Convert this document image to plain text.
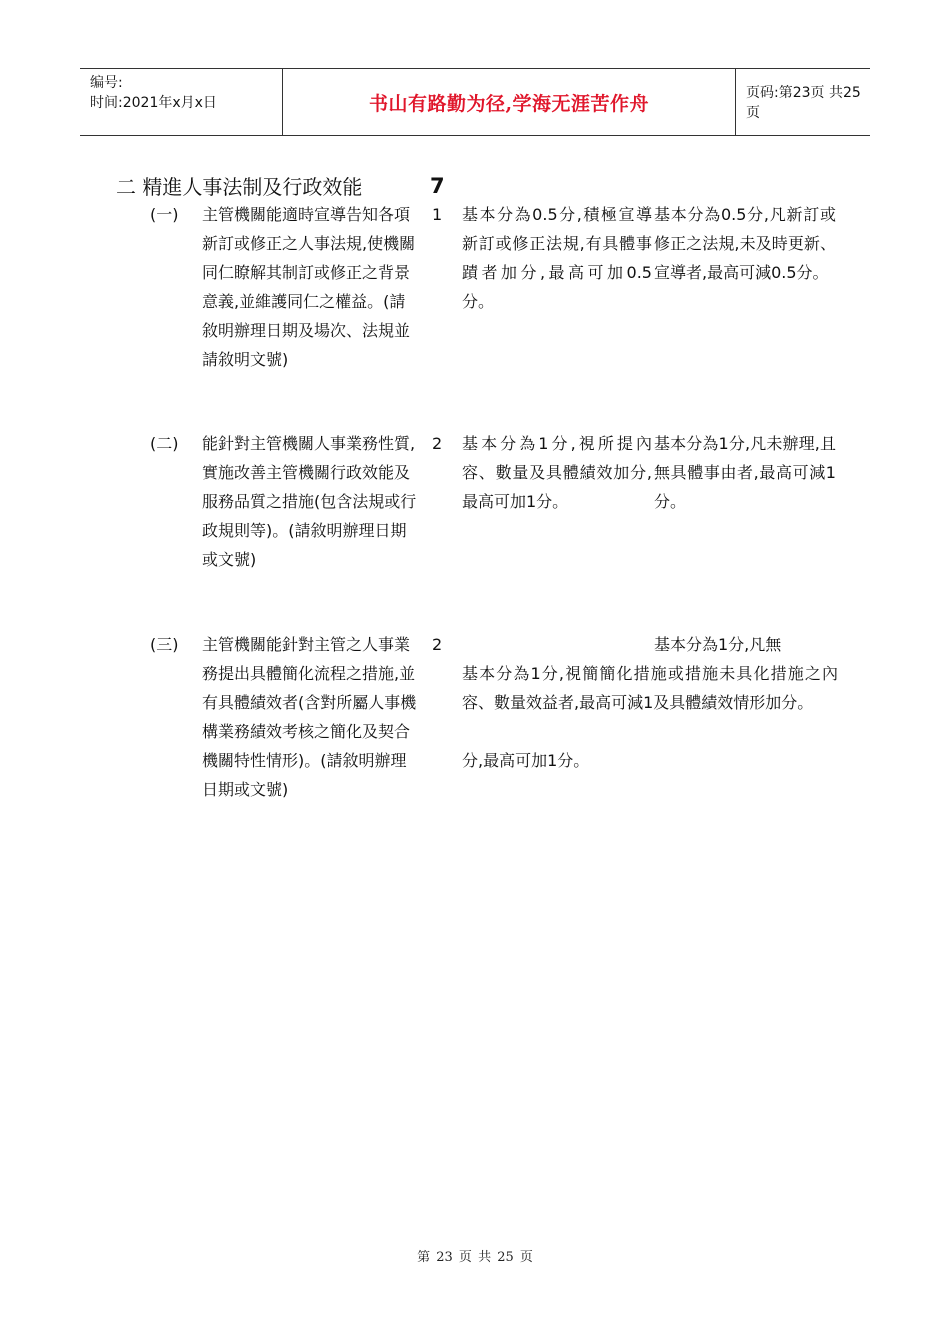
编号:
时间:2021年x月x日	书山有路勤为径,学海无涯苦作舟	页码:第23页 共25页
二 精進人事法制及行政效能	7
(一) 主管機關能適時宣導告知各項新訂或修正之人事法規,使機關同仁瞭解其制訂或修正之背景意義,並維護同仁之權益。(請敘明辦理日期及場次、法規並請敘明文號)
1 基本分為0.5分,積極宣導新訂或修正法規,有具體事蹟者加分,最高可加0.5分。
基本分為0.5分,凡新訂或修正之法規,未及時更新、宣導者,最高可減0.5分。
(二) 能針對主管機關人事業務性質,實施改善主管機關行政效能及服務品質之措施(包含法規或行政規則等)。(請敘明辦理日期或文號)
2 基本分為1分,視所提內容、數量及具體績效加分,最高可加1分。
基本分為1分,凡未辦理,且無具體事由者,最高可減1分。
(三) 主管機關能針對主管之人事業務提出具體簡化流程之措施,並有具體績效者(含對所屬人事機構業務績效考核之簡化及契合機關特性情形)。(請敘明辦理日期或文號)
2	基本分為1分,凡無
基本分為1分,視簡簡化措施或措施未具化措施之內容、數量效益者,最高可減1及具體績效情形加分。
分,最高可加1分。
第 23 页 共 25 页
